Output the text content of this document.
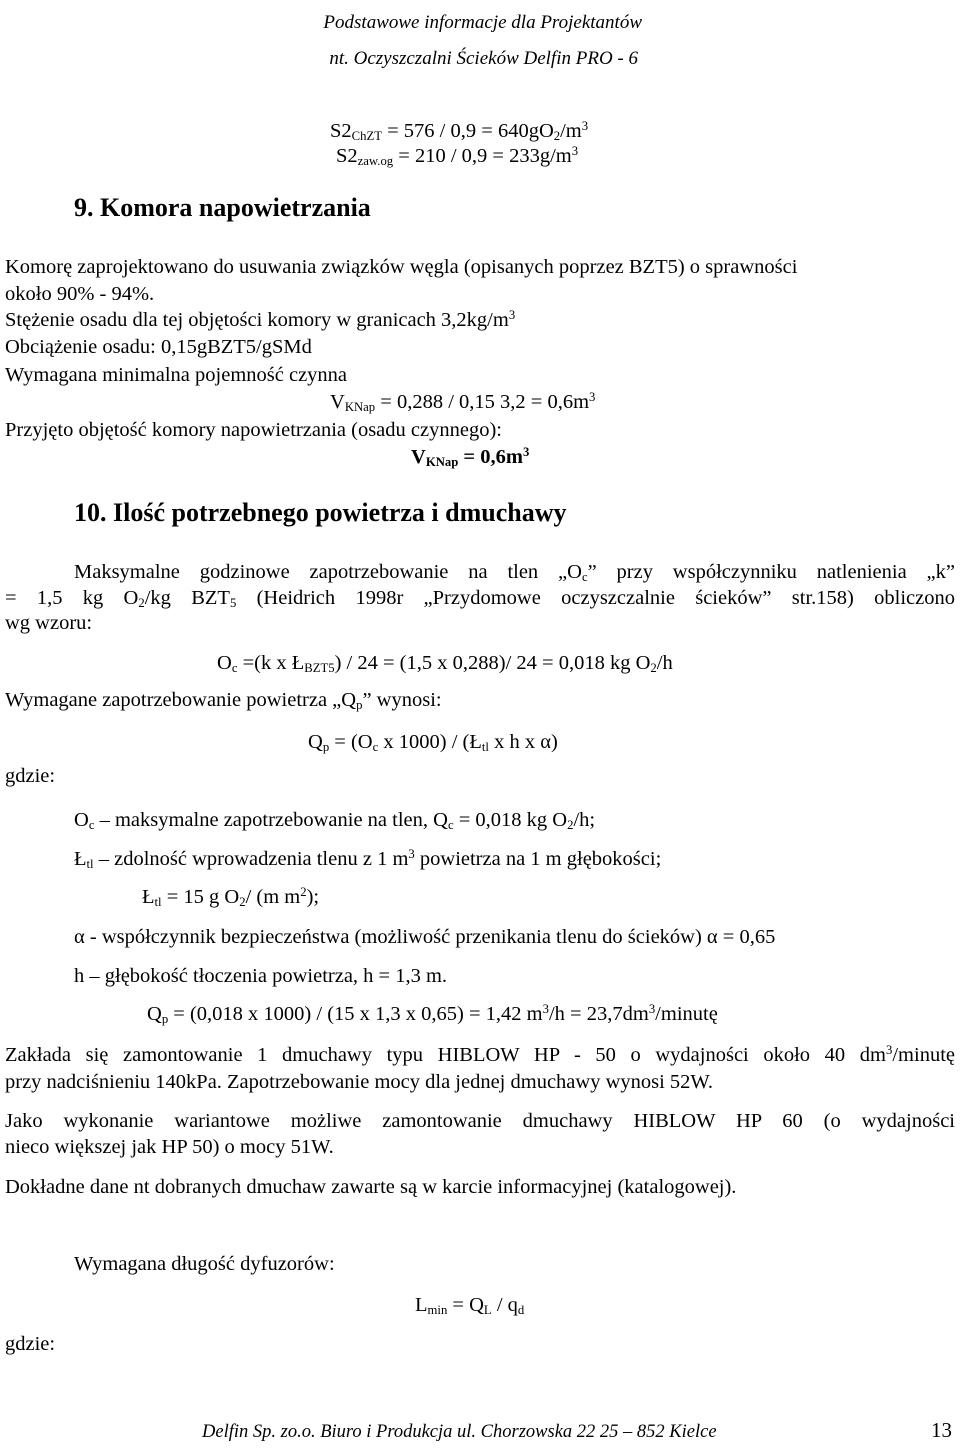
Podstawowe informacje dla Projektantów
nt. Oczyszczalni Ścieków Delfin PRO - 6
$S2_{ChZT} = 576 / 0,9 = 640gO_2/m^3$
$S2_{zaw.og} = 210 / 0,9 = 233g/m^3$
9. Komora napowietrzania
Komorę zaprojektowano do usuwania związków węgla (opisanych poprzez BZT5) o sprawności
około 90% - 94%.
Stężenie osadu dla tej objętości komory w granicach $3,2kg/m^3$
Obciążenie osadu: 0,15gBZT5/gSMd
Wymagana minimalna pojemność czynna
$V_{KNap} = 0,288 / 0,15$ $3,2 = 0,6m^3$
Przyjęto objętość komory napowietrzania (osadu czynnego):
$V_{KNap} = 0,6m^3$
10. Ilość potrzebnego powietrza i dmuchawy
Maksymalne godzinowe zapotrzebowanie na tlen $„O_c$” przy współczynniku natlenienia „k”
= 1,5 kg $O_2/kg$ $BZT_5$ (Heidrich 1998r „Przydomowe oczyszczalnie ścieków” str.158) obliczono
wg wzoru:
$O_c =(k$ x $Ł_{BZT5}) / 24 = (1,5$ x 0,288)/ 24 = 0,018 kg $O_2/h$
Wymagane zapotrzebowanie powietrza $„Q_p$” wynosi:
$Q_p = (O_c$ x $1000) / (Ł_{tl}$ x h x α)
gdzie:
$O_c$ – maksymalne zapotrzebowanie na tlen, $Q_c = 0,018$ kg $O_2/h$;
$Ł_{tl}$ – zdolność wprowadzenia tlenu z 1 $m^3$ powietrza na 1 m głębokości;
$Ł_{tl} = 15$ g $O_2/$ (m $m^2$);
α - współczynnik bezpieczeństwa (możliwość przenikania tlenu do ścieków) α = 0,65
h – głębokość tłoczenia powietrza, h = 1,3 m.
$Q_p = (0,018$ x 1000) / (15 x 1,3 x 0,65) = 1,42 $m^3/h$ = $23,7dm^3$/minutę
Zakłada się zamontowanie 1 dmuchawy typu HIBLOW HP - 50 o wydajności około 40 $dm^3$/minutę
przy nadciśnieniu 140kPa. Zapotrzebowanie mocy dla jednej dmuchawy wynosi 52W.
Jako wykonanie wariantowe możliwe zamontowanie dmuchawy HIBLOW HP 60 (o wydajności
nieco większej jak HP 50) o mocy 51W.
Dokładne dane nt dobranych dmuchaw zawarte są w karcie informacyjnej (katalogowej).
Wymagana długość dyfuzorów:
$L_{min} = Q_L / q_d$
gdzie:
Delfin Sp. zo.o. Biuro i Produkcja ul. Chorzowska 22 25 – 852 Kielce	13
